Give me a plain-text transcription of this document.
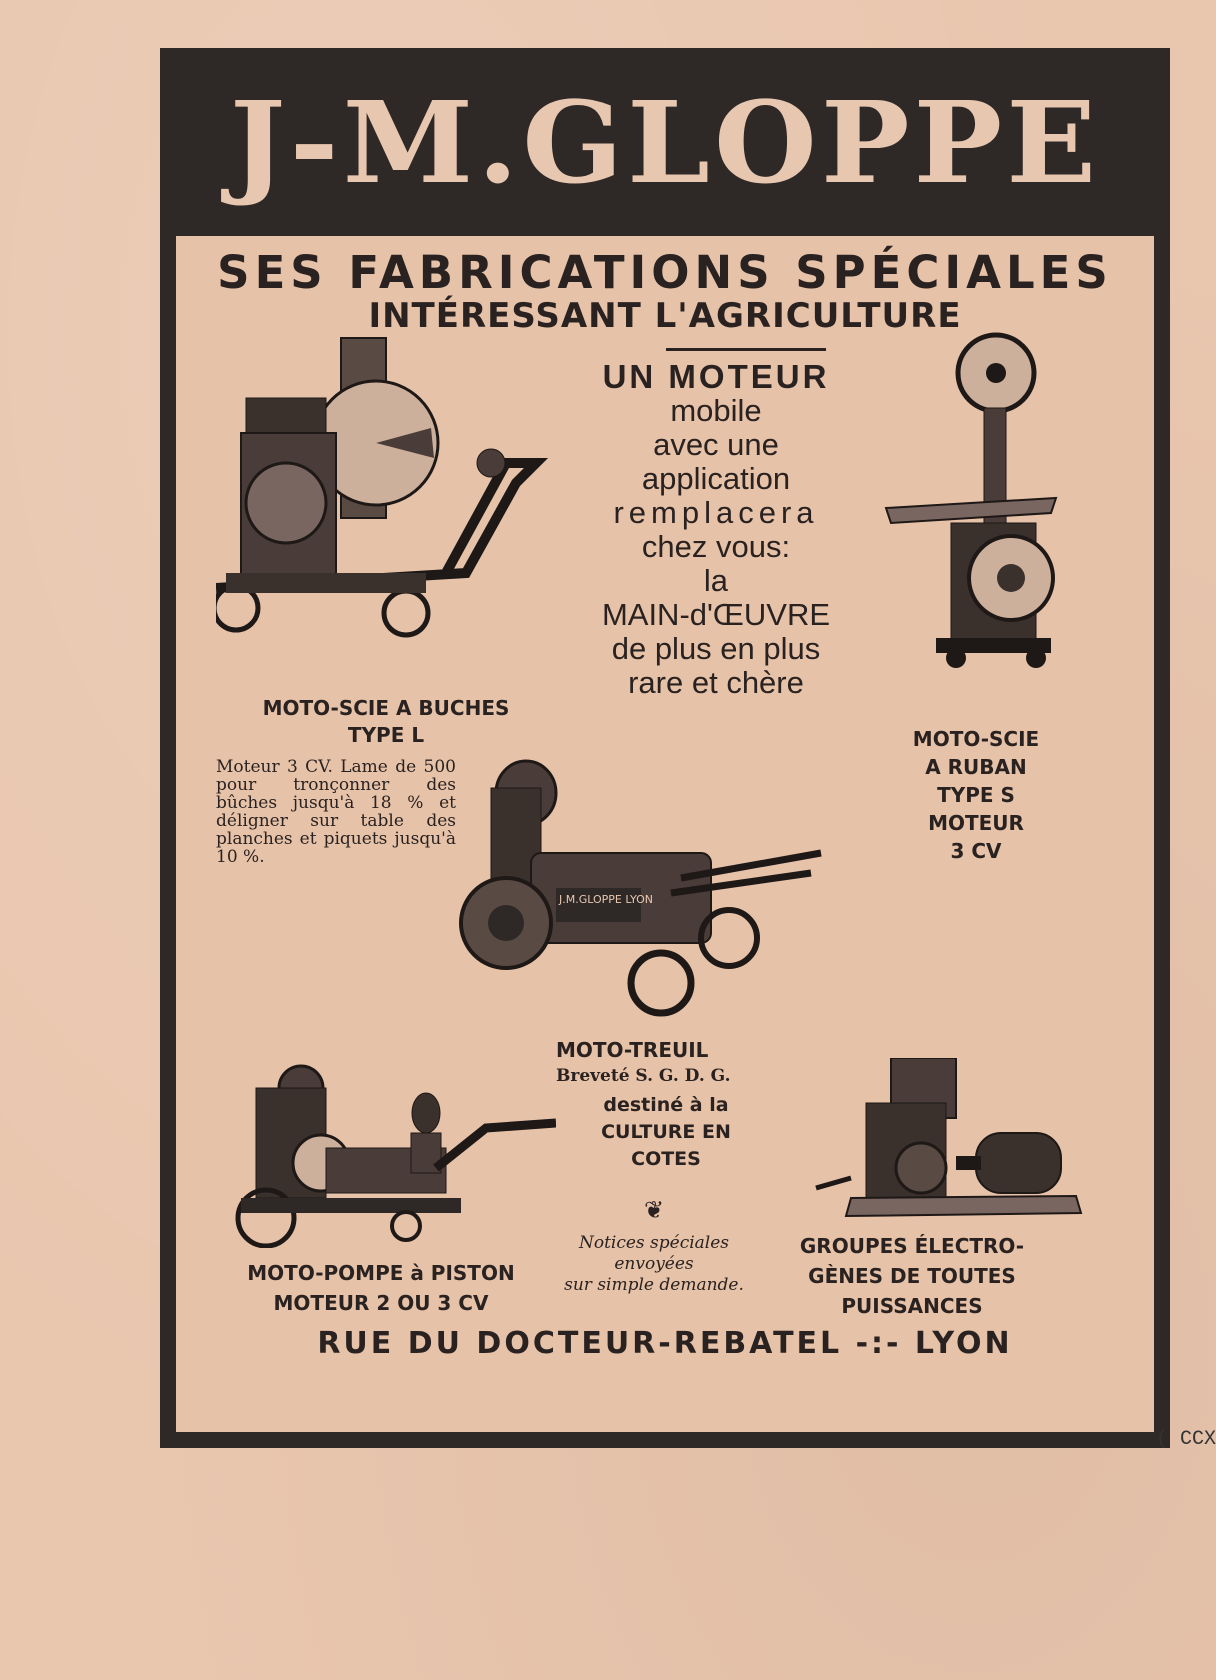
J-M.GLOPPE
SES FABRICATIONS SPÉCIALES
INTÉRESSANT L'AGRICULTURE
UN MOTEUR
mobile
avec une
application
remplacera
chez vous:
la
MAIN-d'ŒUVRE
de plus en plus
rare et chère
MOTO-SCIE A BUCHES
TYPE L
Moteur 3 CV. Lame de 500 pour tronçonner des bûches jusqu'à 18 % et déligner sur table des planches et piquets jusqu'à 10 %.
MOTO-SCIE
A RUBAN
TYPE S
MOTEUR
3 CV
J.M.GLOPPE LYON
MOTO-TREUIL
Breveté S. G. D. G.
destiné à la
CULTURE EN
COTES
❦
Notices spéciales
envoyées
sur simple demande.
MOTO-POMPE à PISTON
MOTEUR 2 OU 3 CV
GROUPES ÉLECTRO-
GÈNES DE TOUTES
PUISSANCES
RUE DU DOCTEUR-REBATEL -:- LYON
( CCX
